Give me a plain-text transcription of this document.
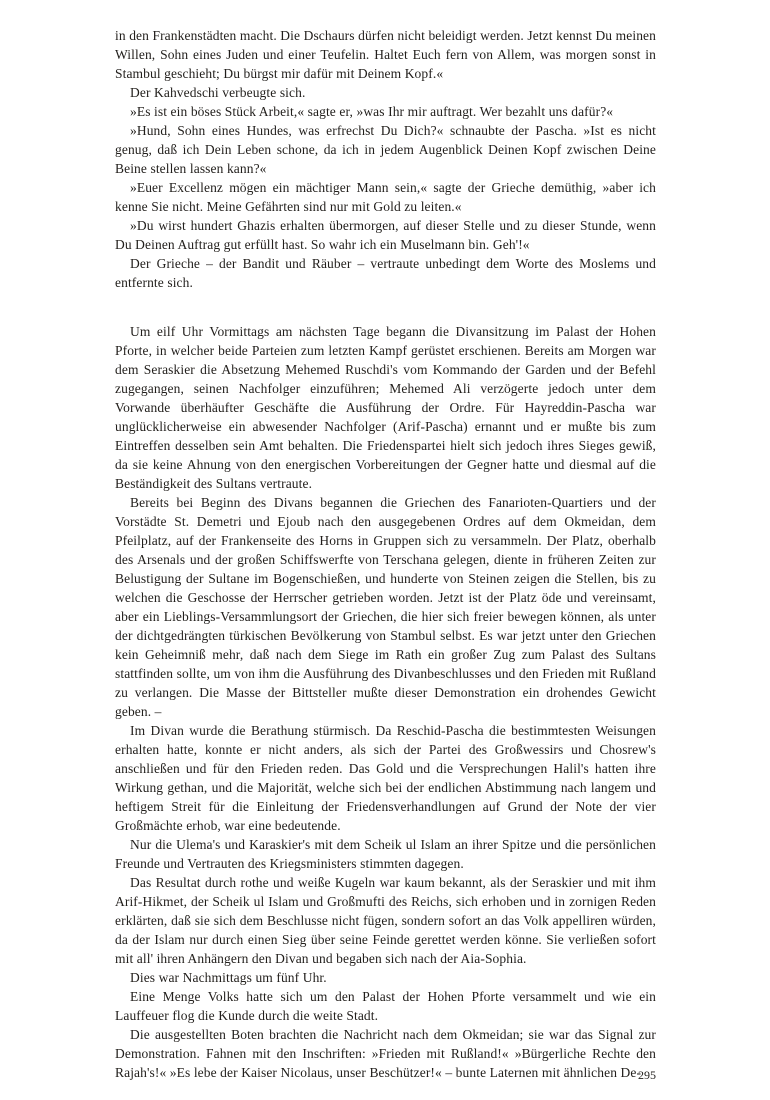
in den Frankenstädten macht. Die Dschaurs dürfen nicht beleidigt werden. Jetzt kennst Du meinen Willen, Sohn eines Juden und einer Teufelin. Haltet Euch fern von Allem, was morgen sonst in Stambul geschieht; Du bürgst mir dafür mit Deinem Kopf.«

Der Kahvedschi verbeugte sich.

»Es ist ein böses Stück Arbeit,« sagte er, »was Ihr mir auftragt. Wer bezahlt uns dafür?«

»Hund, Sohn eines Hundes, was erfrechst Du Dich?« schnaubte der Pascha. »Ist es nicht genug, daß ich Dein Leben schone, da ich in jedem Augenblick Deinen Kopf zwischen Deine Beine stellen lassen kann?«

»Euer Excellenz mögen ein mächtiger Mann sein,« sagte der Grieche demüthig, »aber ich kenne Sie nicht. Meine Gefährten sind nur mit Gold zu leiten.«

»Du wirst hundert Ghazis erhalten übermorgen, auf dieser Stelle und zu dieser Stunde, wenn Du Deinen Auftrag gut erfüllt hast. So wahr ich ein Muselmann bin. Geh'!«

Der Grieche – der Bandit und Räuber – vertraute unbedingt dem Worte des Moslems und entfernte sich.

Um eilf Uhr Vormittags am nächsten Tage begann die Divansitzung im Palast der Hohen Pforte, in welcher beide Parteien zum letzten Kampf gerüstet erschienen. Bereits am Morgen war dem Seraskier die Absetzung Mehemed Ruschdi's vom Kommando der Garden und der Befehl zugegangen, seinen Nachfolger einzuführen; Mehemed Ali verzögerte jedoch unter dem Vorwande überhäufter Geschäfte die Ausführung der Ordre. Für Hayreddin-Pascha war unglücklicherweise ein abwesender Nachfolger (Arif-Pascha) ernannt und er mußte bis zum Eintreffen desselben sein Amt behalten. Die Friedenspartei hielt sich jedoch ihres Sieges gewiß, da sie keine Ahnung von den energischen Vorbereitungen der Gegner hatte und diesmal auf die Beständigkeit des Sultans vertraute.

Bereits bei Beginn des Divans begannen die Griechen des Fanarioten-Quartiers und der Vorstädte St. Demetri und Ejoub nach den ausgegebenen Ordres auf dem Okmeidan, dem Pfeilplatz, auf der Frankenseite des Horns in Gruppen sich zu versammeln. Der Platz, oberhalb des Arsenals und der großen Schiffswerfte von Terschana gelegen, diente in früheren Zeiten zur Belustigung der Sultane im Bogenschießen, und hunderte von Steinen zeigen die Stellen, bis zu welchen die Geschosse der Herrscher getrieben worden. Jetzt ist der Platz öde und vereinsamt, aber ein Lieblings-Versammlungsort der Griechen, die hier sich freier bewegen können, als unter der dichtgedrängten türkischen Bevölkerung von Stambul selbst. Es war jetzt unter den Griechen kein Geheimniß mehr, daß nach dem Siege im Rath ein großer Zug zum Palast des Sultans stattfinden sollte, um von ihm die Ausführung des Divanbeschlusses und den Frieden mit Rußland zu verlangen. Die Masse der Bittsteller mußte dieser Demonstration ein drohendes Gewicht geben. –

Im Divan wurde die Berathung stürmisch. Da Reschid-Pascha die bestimmtesten Weisungen erhalten hatte, konnte er nicht anders, als sich der Partei des Großwessirs und Chosrew's anschließen und für den Frieden reden. Das Gold und die Versprechungen Halil's hatten ihre Wirkung gethan, und die Majorität, welche sich bei der endlichen Abstimmung nach langem und heftigem Streit für die Einleitung der Friedensverhandlungen auf Grund der Note der vier Großmächte erhob, war eine bedeutende.

Nur die Ulema's und Karaskier's mit dem Scheik ul Islam an ihrer Spitze und die persönlichen Freunde und Vertrauten des Kriegsministers stimmten dagegen.

Das Resultat durch rothe und weiße Kugeln war kaum bekannt, als der Seraskier und mit ihm Arif-Hikmet, der Scheik ul Islam und Großmufti des Reichs, sich erhoben und in zornigen Reden erklärten, daß sie sich dem Beschlusse nicht fügen, sondern sofort an das Volk appelliren würden, da der Islam nur durch einen Sieg über seine Feinde gerettet werden könne. Sie verließen sofort mit all' ihren Anhängern den Divan und begaben sich nach der Aia-Sophia.

Dies war Nachmittags um fünf Uhr.

Eine Menge Volks hatte sich um den Palast der Hohen Pforte versammelt und wie ein Lauffeuer flog die Kunde durch die weite Stadt.

Die ausgestellten Boten brachten die Nachricht nach dem Okmeidan; sie war das Signal zur Demonstration. Fahnen mit den Inschriften: »Frieden mit Rußland!« »Bürgerliche Rechte den Rajah's!« »Es lebe der Kaiser Nicolaus, unser Beschützer!« – bunte Laternen mit ähnlichen De-

295
